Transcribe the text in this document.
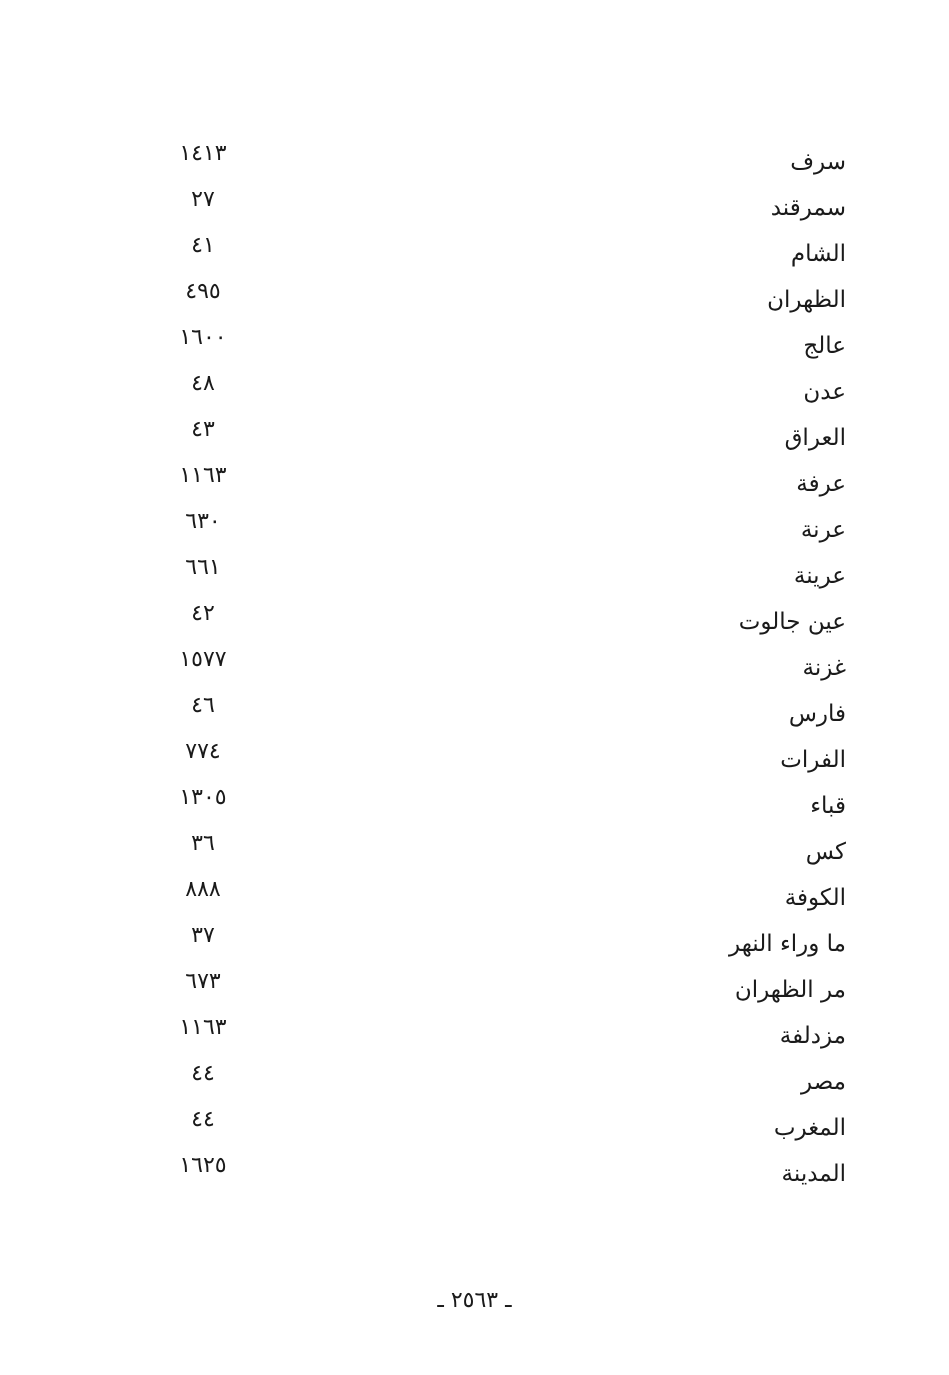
سرف
١٤١٣
سمرقند
٢٧
الشام
٤١
الظهران
٤٩٥
عالج
١٦٠٠
عدن
٤٨
العراق
٤٣
عرفة
١١٦٣
عرنة
٦٣٠
عرينة
٦٦١
عين جالوت
٤٢
غزنة
١٥٧٧
فارس
٤٦
الفرات
٧٧٤
قباء
١٣٠٥
كس
٣٦
الكوفة
٨٨٨
ما وراء النهر
٣٧
مر الظهران
٦٧٣
مزدلفة
١١٦٣
مصر
٤٤
المغرب
٤٤
المدينة
١٦٢٥
ـ ٢٥٦٣ ـ
